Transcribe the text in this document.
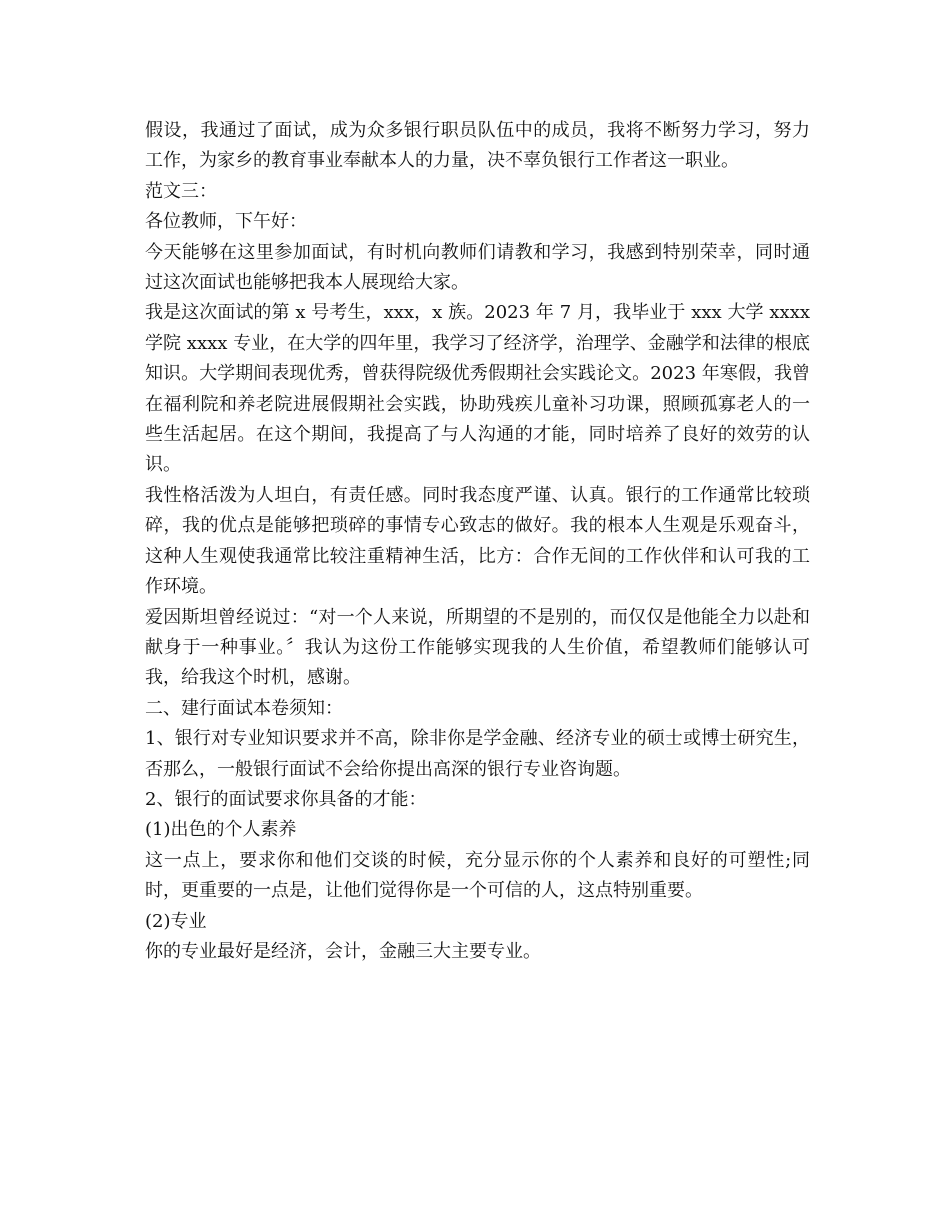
假设，我通过了面试，成为众多银行职员队伍中的成员，我将不断努力学习，努力工作，为家乡的教育事业奉献本人的力量，决不辜负银行工作者这一职业。

范文三：

各位教师，下午好：

今天能够在这里参加面试，有时机向教师们请教和学习，我感到特别荣幸，同时通过这次面试也能够把我本人展现给大家。

我是这次面试的第 x 号考生，xxx，x 族。2023 年 7 月，我毕业于 xxx 大学 xxxx 学院 xxxx 专业，在大学的四年里，我学习了经济学，治理学、金融学和法律的根底知识。大学期间表现优秀，曾获得院级优秀假期社会实践论文。2023 年寒假，我曾在福利院和养老院进展假期社会实践，协助残疾儿童补习功课，照顾孤寡老人的一些生活起居。在这个期间，我提高了与人沟通的才能，同时培养了良好的效劳的认识。

我性格活泼为人坦白，有责任感。同时我态度严谨、认真。银行的工作通常比较琐碎，我的优点是能够把琐碎的事情专心致志的做好。我的根本人生观是乐观奋斗，这种人生观使我通常比较注重精神生活，比方：合作无间的工作伙伴和认可我的工作环境。

爱因斯坦曾经说过：“对一个人来说，所期望的不是别的，而仅仅是他能全力以赴和献身于一种事业。〞我认为这份工作能够实现我的人生价值，希望教师们能够认可我，给我这个时机，感谢。

二、建行面试本卷须知：

1、银行对专业知识要求并不高，除非你是学金融、经济专业的硕士或博士研究生，否那么，一般银行面试不会给你提出高深的银行专业咨询题。

2、银行的面试要求你具备的才能：

(1)出色的个人素养

这一点上，要求你和他们交谈的时候，充分显示你的个人素养和良好的可塑性;同时，更重要的一点是，让他们觉得你是一个可信的人，这点特别重要。

(2)专业

你的专业最好是经济，会计，金融三大主要专业。
